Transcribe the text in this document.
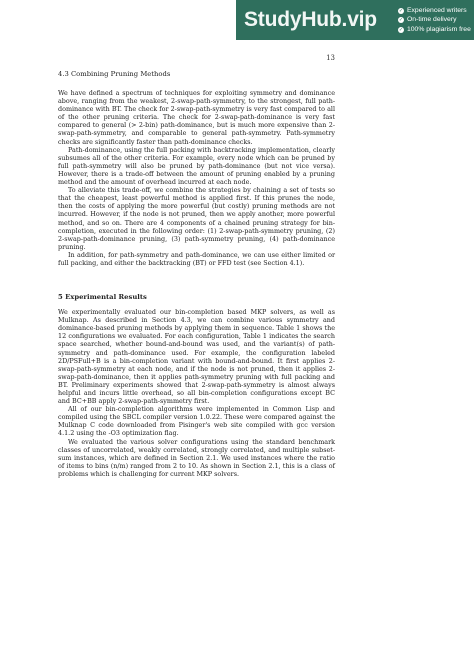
StudyHub.vip	✓ Experienced writers
✓ On-time delivery
✓ 100% plagiarism free
13
4.3 Combining Pruning Methods

We have defined a spectrum of techniques for exploiting symmetry and dominance above, ranging from the weakest, 2-swap-path-symmetry, to the strongest, full path-dominance with BT. The check for 2-swap-path-symmetry is very fast compared to all of the other pruning criteria. The check for 2-swap-path-dominance is very fast compared to general (> 2-bin) path-dominance, but is much more expensive than 2-swap-path-symmetry, and comparable to general path-symmetry. Path-symmetry checks are significantly faster than path-dominance checks.

Path-dominance, using the full packing with backtracking implementation, clearly subsumes all of the other criteria. For example, every node which can be pruned by full path-symmetry will also be pruned by path-dominance (but not vice versa). However, there is a trade-off between the amount of pruning enabled by a pruning method and the amount of overhead incurred at each node.

To alleviate this trade-off, we combine the strategies by chaining a set of tests so that the cheapest, least powerful method is applied first. If this prunes the node, then the costs of applying the more powerful (but costly) pruning methods are not incurred. However, if the node is not pruned, then we apply another, more powerful method, and so on. There are 4 components of a chained pruning strategy for bin-completion, executed in the following order: (1) 2-swap-path-symmetry pruning, (2) 2-swap-path-dominance pruning, (3) path-symmetry pruning, (4) path-dominance pruning.

In addition, for path-symmetry and path-dominance, we can use either limited or full packing, and either the backtracking (BT) or FFD test (see Section 4.1).

5 Experimental Results

We experimentally evaluated our bin-completion based MKP solvers, as well as Mulknap. As described in Section 4.3, we can combine various symmetry and dominance-based pruning methods by applying them in sequence. Table 1 shows the 12 configurations we evaluated. For each configuration, Table 1 indicates the search space searched, whether bound-and-bound was used, and the variant(s) of path-symmetry and path-dominance used. For example, the configuration labeled 2D/PSFull+B is a bin-completion variant with bound-and-bound. It first applies 2-swap-path-symmetry at each node, and if the node is not pruned, then it applies 2-swap-path-dominance, then it applies path-symmetry pruning with full packing and BT. Preliminary experiments showed that 2-swap-path-symmetry is almost always helpful and incurs little overhead, so all bin-completion configurations except BC and BC+BB apply 2-swap-path-symmetry first.

All of our bin-completion algorithms were implemented in Common Lisp and compiled using the SBCL compiler version 1.0.22. These were compared against the Mulknap C code downloaded from Pisinger's web site compiled with gcc version 4.1.2 using the -O3 optimization flag.

We evaluated the various solver configurations using the standard benchmark classes of uncorrelated, weakly correlated, strongly correlated, and multiple subset-sum instances, which are defined in Section 2.1. We used instances where the ratio of items to bins (n/m) ranged from 2 to 10. As shown in Section 2.1, this is a class of problems which is challenging for current MKP solvers.
